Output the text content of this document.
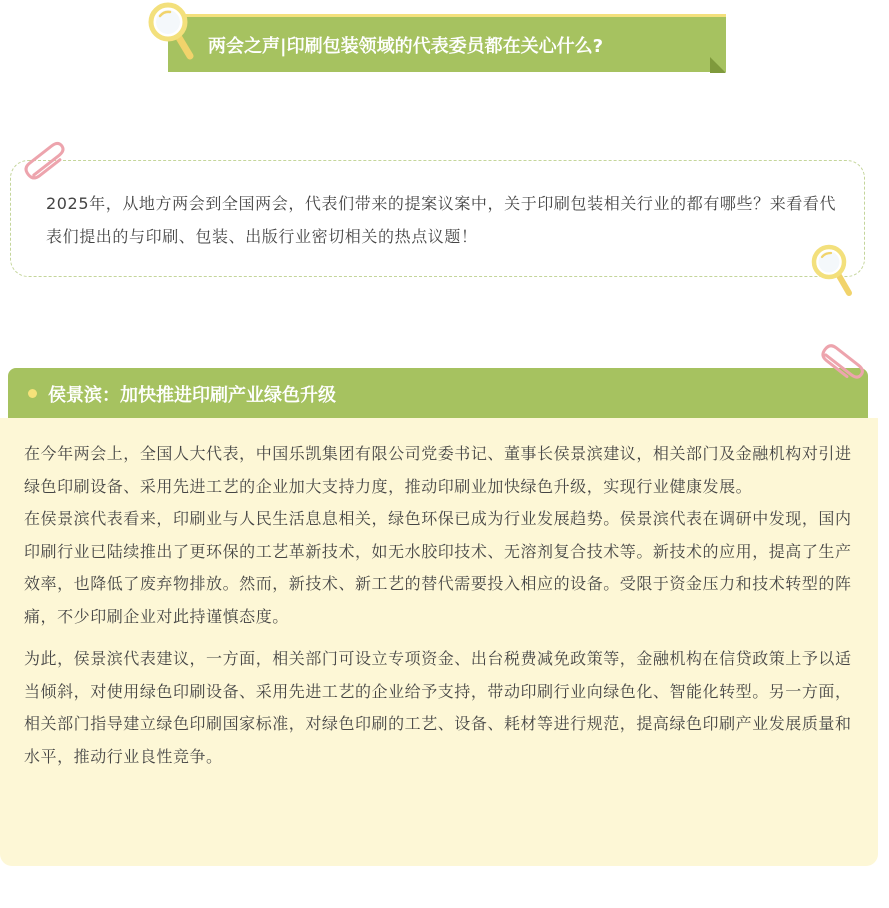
两会之声|印刷包装领域的代表委员都在关心什么?
2025年，从地方两会到全国两会，代表们带来的提案议案中，关于印刷包装相关行业的都有哪些？来看看代表们提出的与印刷、包装、出版行业密切相关的热点议题！
侯景滨：加快推进印刷产业绿色升级

在今年两会上，全国人大代表，中国乐凯集团有限公司党委书记、董事长侯景滨建议，相关部门及金融机构对引进绿色印刷设备、采用先进工艺的企业加大支持力度，推动印刷业加快绿色升级，实现行业健康发展。

在侯景滨代表看来，印刷业与人民生活息息相关，绿色环保已成为行业发展趋势。侯景滨代表在调研中发现，国内印刷行业已陆续推出了更环保的工艺革新技术，如无水胶印技术、无溶剂复合技术等。新技术的应用，提高了生产效率，也降低了废弃物排放。然而，新技术、新工艺的替代需要投入相应的设备。受限于资金压力和技术转型的阵痛，不少印刷企业对此持谨慎态度。

为此，侯景滨代表建议，一方面，相关部门可设立专项资金、出台税费减免政策等，金融机构在信贷政策上予以适当倾斜，对使用绿色印刷设备、采用先进工艺的企业给予支持，带动印刷行业向绿色化、智能化转型。另一方面，相关部门指导建立绿色印刷国家标准，对绿色印刷的工艺、设备、耗材等进行规范，提高绿色印刷产业发展质量和水平，推动行业良性竞争。
